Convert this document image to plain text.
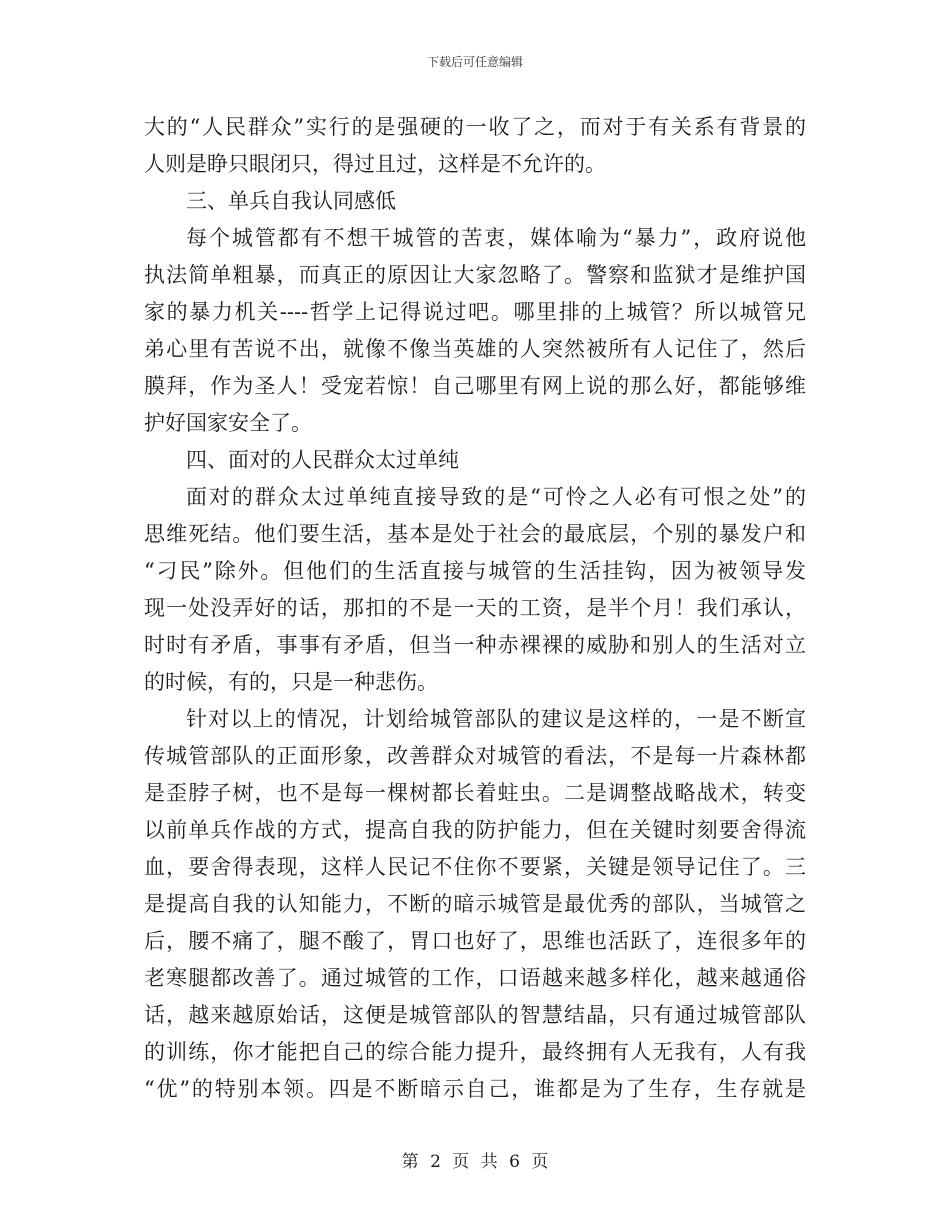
下载后可任意编辑
大的“人民群众”实行的是强硬的一收了之，而对于有关系有背景的
人则是睁只眼闭只，得过且过，这样是不允许的。
三、单兵自我认同感低
每个城管都有不想干城管的苦衷，媒体喻为“暴力”，政府说他
执法简单粗暴，而真正的原因让大家忽略了。警察和监狱才是维护国
家的暴力机关----哲学上记得说过吧。哪里排的上城管？所以城管兄
弟心里有苦说不出，就像不像当英雄的人突然被所有人记住了，然后
膜拜，作为圣人！受宠若惊！自己哪里有网上说的那么好，都能够维
护好国家安全了。
四、面对的人民群众太过单纯
面对的群众太过单纯直接导致的是“可怜之人必有可恨之处”的
思维死结。他们要生活，基本是处于社会的最底层，个别的暴发户和
“刁民”除外。但他们的生活直接与城管的生活挂钩，因为被领导发
现一处没弄好的话，那扣的不是一天的工资，是半个月！我们承认，
时时有矛盾，事事有矛盾，但当一种赤裸裸的威胁和别人的生活对立
的时候，有的，只是一种悲伤。
针对以上的情况，计划给城管部队的建议是这样的，一是不断宣
传城管部队的正面形象，改善群众对城管的看法，不是每一片森林都
是歪脖子树，也不是每一棵树都长着蛀虫。二是调整战略战术，转变
以前单兵作战的方式，提高自我的防护能力，但在关键时刻要舍得流
血，要舍得表现，这样人民记不住你不要紧，关键是领导记住了。三
是提高自我的认知能力，不断的暗示城管是最优秀的部队，当城管之
后，腰不痛了，腿不酸了，胃口也好了，思维也活跃了，连很多年的
老寒腿都改善了。通过城管的工作，口语越来越多样化，越来越通俗
话，越来越原始话，这便是城管部队的智慧结晶，只有通过城管部队
的训练，你才能把自己的综合能力提升，最终拥有人无我有，人有我
“优”的特别本领。四是不断暗示自己，谁都是为了生存，生存就是
第 2 页 共 6 页
